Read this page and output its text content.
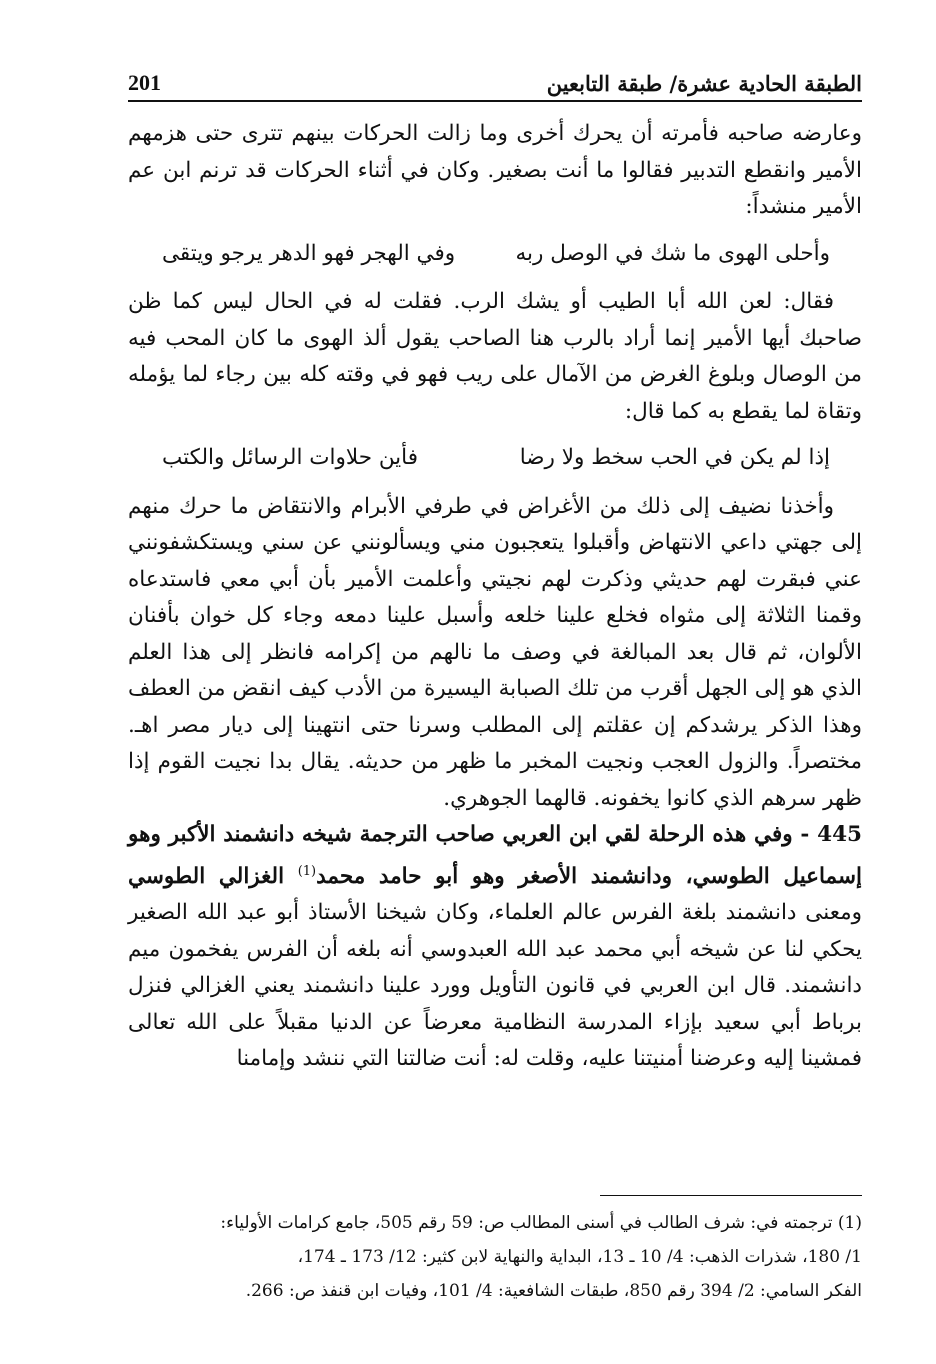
الطبقة الحادية عشرة/ طبقة التابعين
201

وعارضه صاحبه فأمرته أن يحرك أخرى وما زالت الحركات بينهم تترى حتى هزمهم الأمير وانقطع التدبير فقالوا ما أنت بصغير. وكان في أثناء الحركات قد ترنم ابن عم الأمير منشداً:

وأحلى الهوى ما شك في الوصل ربه
وفي الهجر فهو الدهر يرجو ويتقى

فقال: لعن الله أبا الطيب أو يشك الرب. فقلت له في الحال ليس كما ظن صاحبك أيها الأمير إنما أراد بالرب هنا الصاحب يقول ألذ الهوى ما كان المحب فيه من الوصال وبلوغ الغرض من الآمال على ريب فهو في وقته كله بين رجاء لما يؤمله وتقاة لما يقطع به كما قال:

إذا لم يكن في الحب سخط ولا رضا
فأين حلاوات الرسائل والكتب

وأخذنا نضيف إلى ذلك من الأغراض في طرفي الأبرام والانتقاض ما حرك منهم إلى جهتي داعي الانتهاض وأقبلوا يتعجبون مني ويسألونني عن سني ويستكشفونني عني فبقرت لهم حديثي وذكرت لهم نجيتي وأعلمت الأمير بأن أبي معي فاستدعاه وقمنا الثلاثة إلى مثواه فخلع علينا خلعه وأسبل علينا دمعه وجاء كل خوان بأفنان الألوان، ثم قال بعد المبالغة في وصف ما نالهم من إكرامه فانظر إلى هذا العلم الذي هو إلى الجهل أقرب من تلك الصبابة اليسيرة من الأدب كيف انقض من العطف وهذا الذكر يرشدكم إن عقلتم إلى المطلب وسرنا حتى انتهينا إلى ديار مصر اهـ. مختصراً. والزول العجب ونجيت المخبر ما ظهر من حديثه. يقال بدا نجيت القوم إذا ظهر سرهم الذي كانوا يخفونه. قالهما الجوهري.

445 - وفي هذه الرحلة لقي ابن العربي صاحب الترجمة شيخه دانشمند الأكبر وهو إسماعيل الطوسي، ودانشمند الأصغر وهو أبو حامد محمد$^{(1)}$ الغزالي الطوسي ومعنى دانشمند بلغة الفرس عالم العلماء، وكان شيخنا الأستاذ أبو عبد الله الصغير يحكي لنا عن شيخه أبي محمد عبد الله العبدوسي أنه بلغه أن الفرس يفخمون ميم دانشمند. قال ابن العربي في قانون التأويل وورد علينا دانشمند يعني الغزالي فنزل برباط أبي سعيد بإزاء المدرسة النظامية معرضاً عن الدنيا مقبلاً على الله تعالى فمشينا إليه وعرضنا أمنيتنا عليه، وقلت له: أنت ضالتنا التي ننشد وإمامنا

(1) ترجمته في: شرف الطالب في أسنى المطالب ص: 59 رقم 505، جامع كرامات الأولياء:

1/ 180، شذرات الذهب: 4/ 10 ـ 13، البداية والنهاية لابن كثير: 12/ 173 ـ 174،

الفكر السامي: 2/ 394 رقم 850، طبقات الشافعية: 4/ 101، وفيات ابن قنفذ ص: 266.
